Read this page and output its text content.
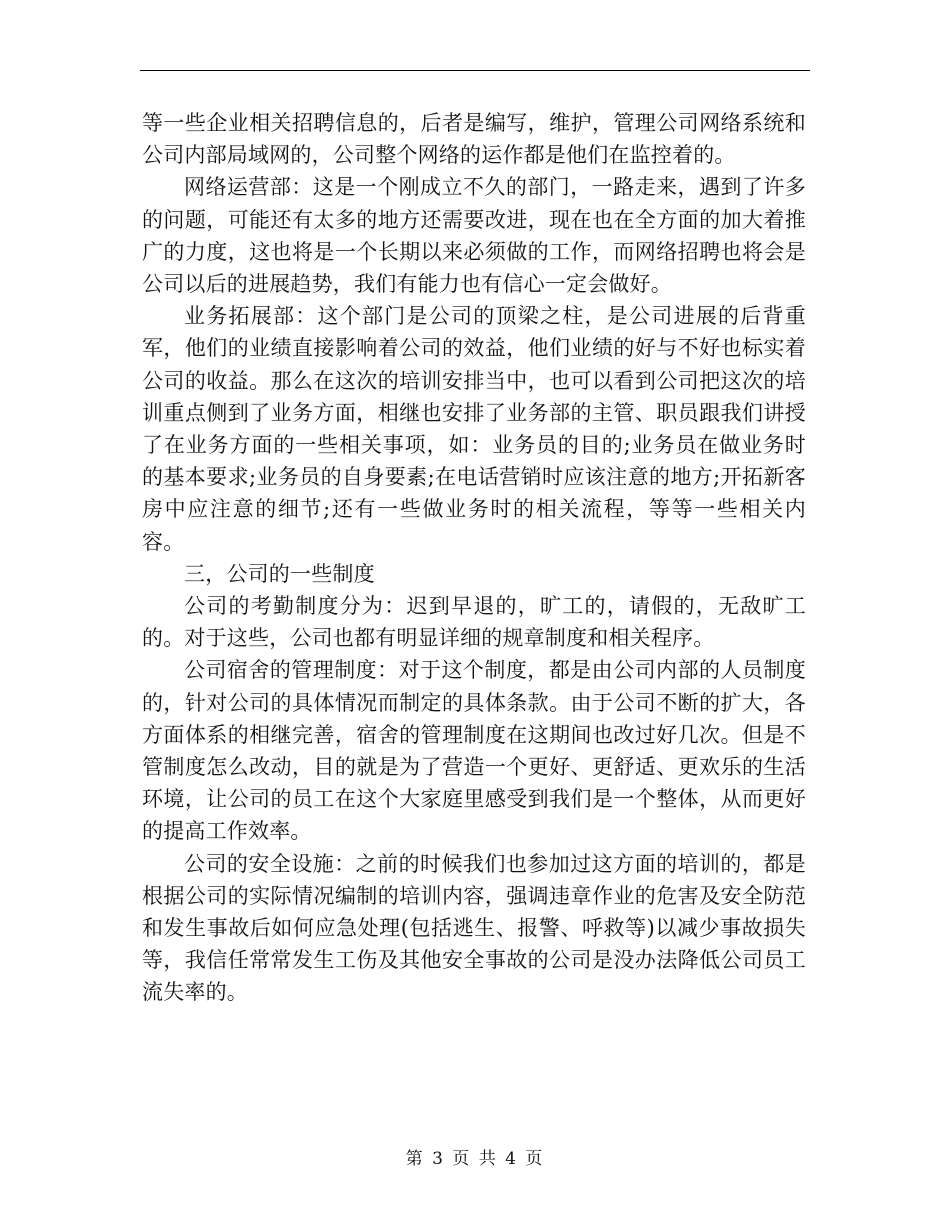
等一些企业相关招聘信息的，后者是编写，维护，管理公司网络系统和公司内部局域网的，公司整个网络的运作都是他们在监控着的。

网络运营部：这是一个刚成立不久的部门，一路走来，遇到了许多的问题，可能还有太多的地方还需要改进，现在也在全方面的加大着推广的力度，这也将是一个长期以来必须做的工作，而网络招聘也将会是公司以后的进展趋势，我们有能力也有信心一定会做好。

业务拓展部：这个部门是公司的顶梁之柱，是公司进展的后背重军，他们的业绩直接影响着公司的效益，他们业绩的好与不好也标实着公司的收益。那么在这次的培训安排当中，也可以看到公司把这次的培训重点侧到了业务方面，相继也安排了业务部的主管、职员跟我们讲授了在业务方面的一些相关事项，如：业务员的目的;业务员在做业务时的基本要求;业务员的自身要素;在电话营销时应该注意的地方;开拓新客房中应注意的细节;还有一些做业务时的相关流程，等等一些相关内容。

三，公司的一些制度

公司的考勤制度分为：迟到早退的，旷工的，请假的，无敌旷工的。对于这些，公司也都有明显详细的规章制度和相关程序。

公司宿舍的管理制度：对于这个制度，都是由公司内部的人员制度的，针对公司的具体情况而制定的具体条款。由于公司不断的扩大，各方面体系的相继完善，宿舍的管理制度在这期间也改过好几次。但是不管制度怎么改动，目的就是为了营造一个更好、更舒适、更欢乐的生活环境，让公司的员工在这个大家庭里感受到我们是一个整体，从而更好的提高工作效率。

公司的安全设施：之前的时候我们也参加过这方面的培训的，都是根据公司的实际情况编制的培训内容，强调违章作业的危害及安全防范和发生事故后如何应急处理(包括逃生、报警、呼救等)以减少事故损失等，我信任常常发生工伤及其他安全事故的公司是没办法降低公司员工流失率的。

第 3 页 共 4 页
